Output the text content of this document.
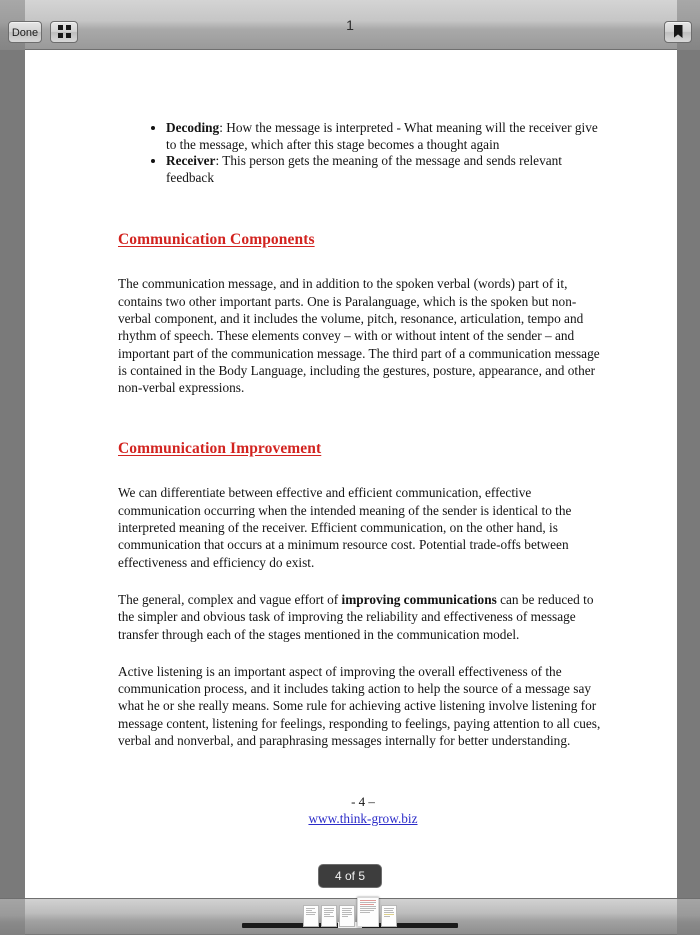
1
Done
• Decoding: How the message is interpreted - What meaning will the receiver give to the message, which after this stage becomes a thought again
• Receiver: This person gets the meaning of the message and sends relevant feedback
Communication Components

The communication message, and in addition to the spoken verbal (words) part of it, contains two other important parts. One is Paralanguage, which is the spoken but non-verbal component, and it includes the volume, pitch, resonance, articulation, tempo and rhythm of speech. These elements convey – with or without intent of the sender – and important part of the communication message. The third part of a communication message is contained in the Body Language, including the gestures, posture, appearance, and other non-verbal expressions.

Communication Improvement

We can differentiate between effective and efficient communication, effective communication occurring when the intended meaning of the sender is identical to the interpreted meaning of the receiver. Efficient communication, on the other hand, is communication that occurs at a minimum resource cost. Potential trade-offs between effectiveness and efficiency do exist.

The general, complex and vague effort of improving communications can be reduced to the simpler and obvious task of improving the reliability and effectiveness of message transfer through each of the stages mentioned in the communication model.

Active listening is an important aspect of improving the overall effectiveness of the communication process, and it includes taking action to help the source of a message say what he or she really means. Some rule for achieving active listening involve listening for message content, listening for feelings, responding to feelings, paying attention to all cues, verbal and nonverbal, and paraphrasing messages internally for better understanding.

- 4 –
www.think-grow.biz
4 of 5
